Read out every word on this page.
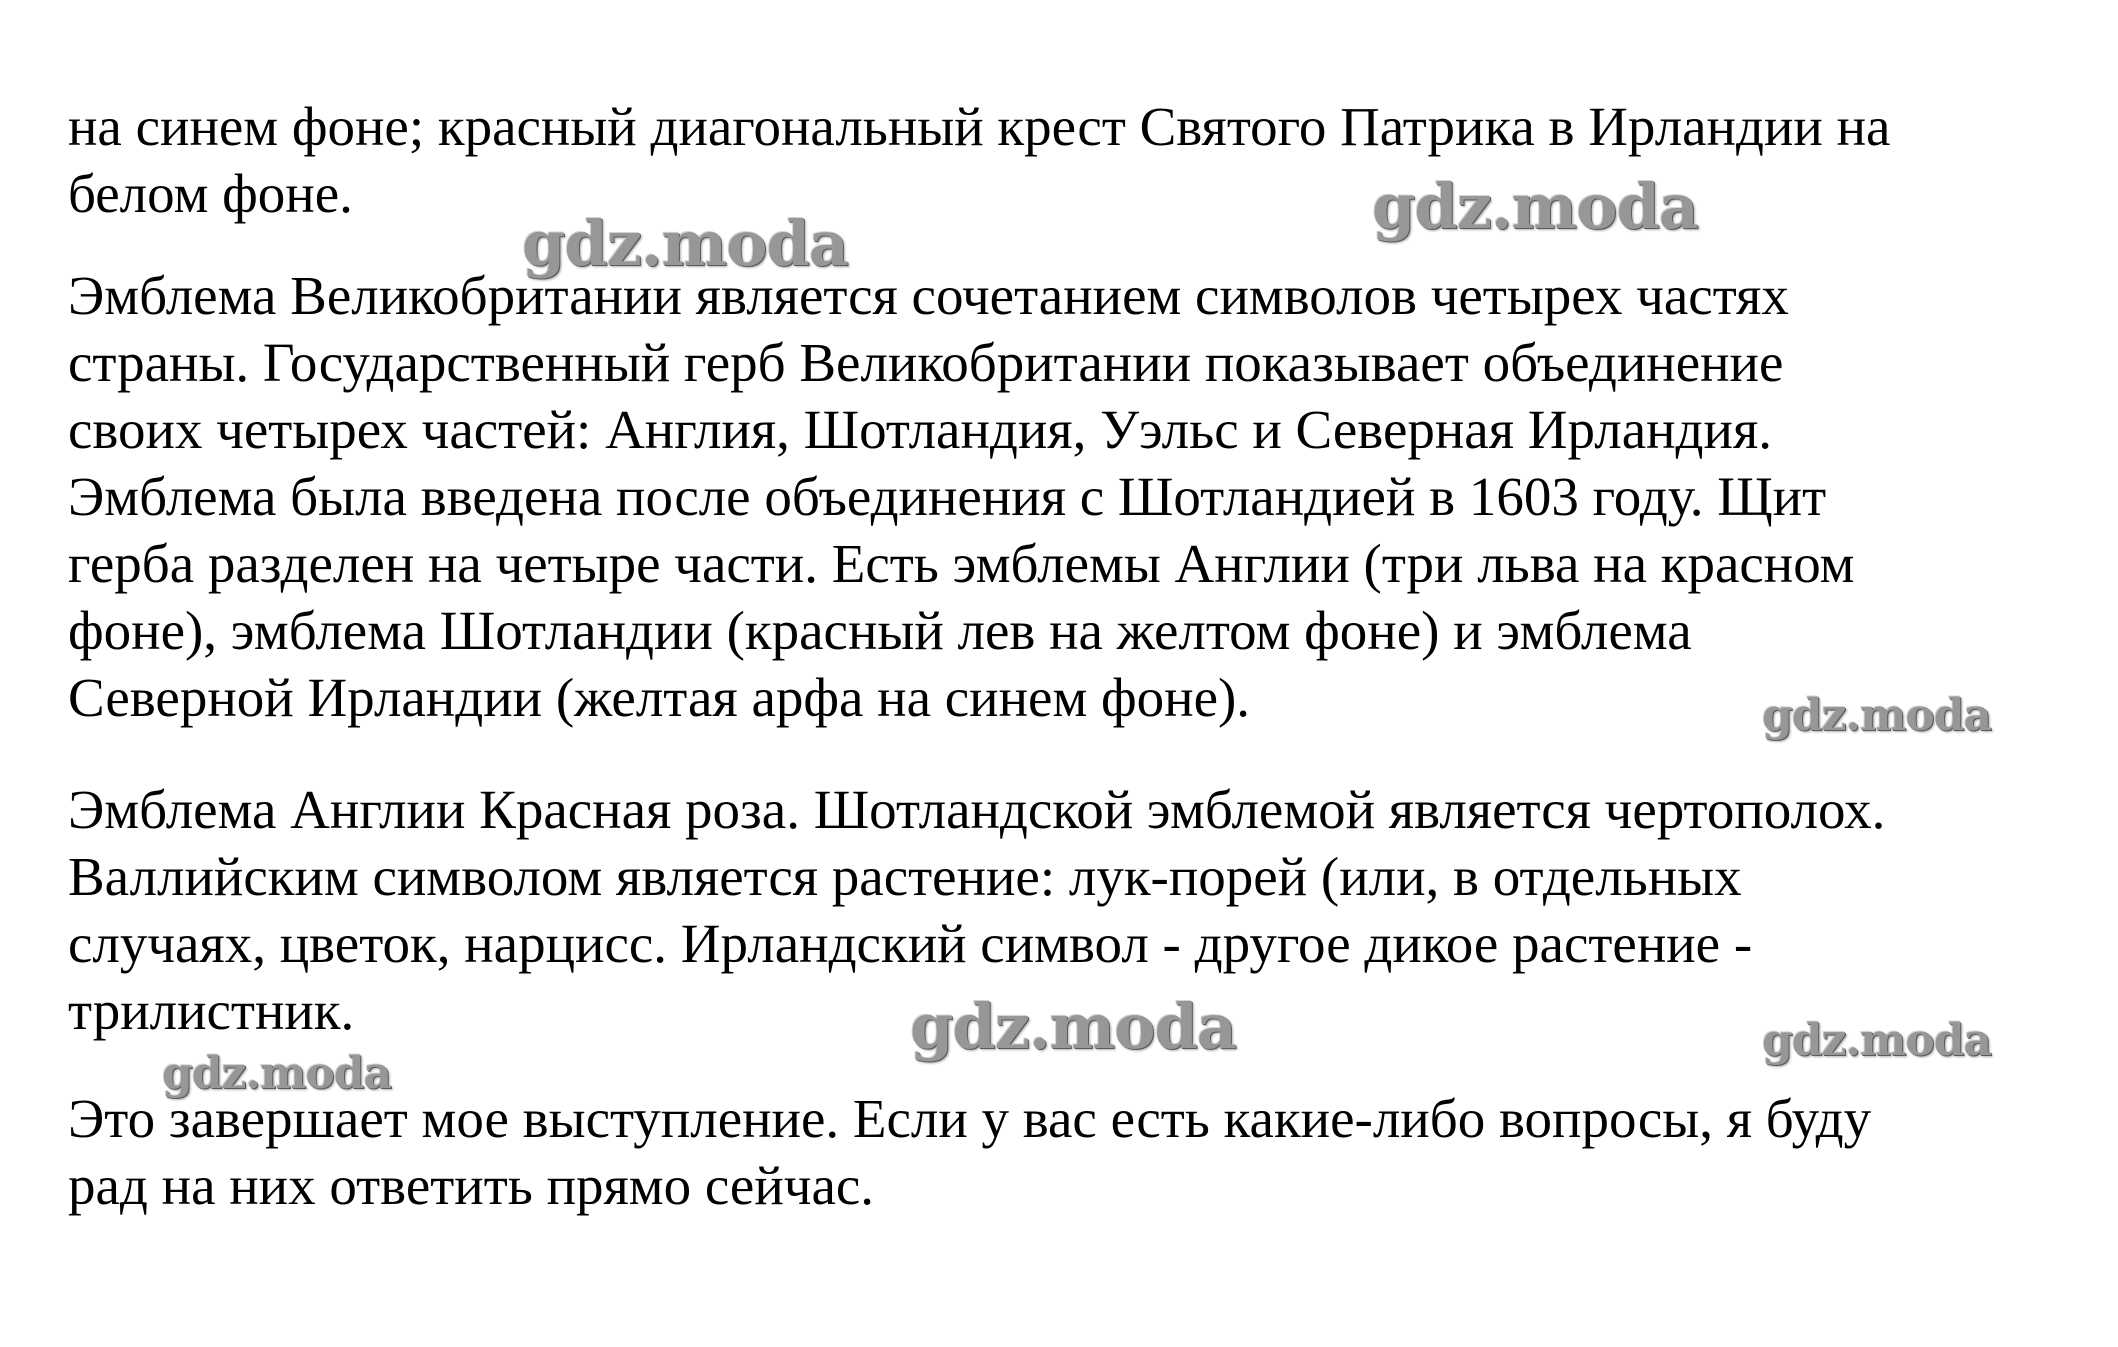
на синем фоне; красный диагональный крест Святого Патрика в Ирландии на
белом фоне.

Эмблема Великобритании является сочетанием символов четырех частях
страны. Государственный герб Великобритании показывает объединение
своих четырех частей: Англия, Шотландия, Уэльс и Северная Ирландия.
Эмблема была введена после объединения с Шотландией в 1603 году. Щит
герба разделен на четыре части. Есть эмблемы Англии (три льва на красном
фоне), эмблема Шотландии (красный лев на желтом фоне) и эмблема
Северной Ирландии (желтая арфа на синем фоне).

Эмблема Англии Красная роза. Шотландской эмблемой является чертополох.
Валлийским символом является растение: лук-порей (или, в отдельных
случаях, цветок, нарцисс. Ирландский символ - другое дикое растение -
трилистник.

Это завершает мое выступление. Если у вас есть какие-либо вопросы, я буду
рад на них ответить прямо сейчас.

gdz.moda
gdz.moda
gdz.moda
gdz.moda	gdz.moda
gdz.moda
